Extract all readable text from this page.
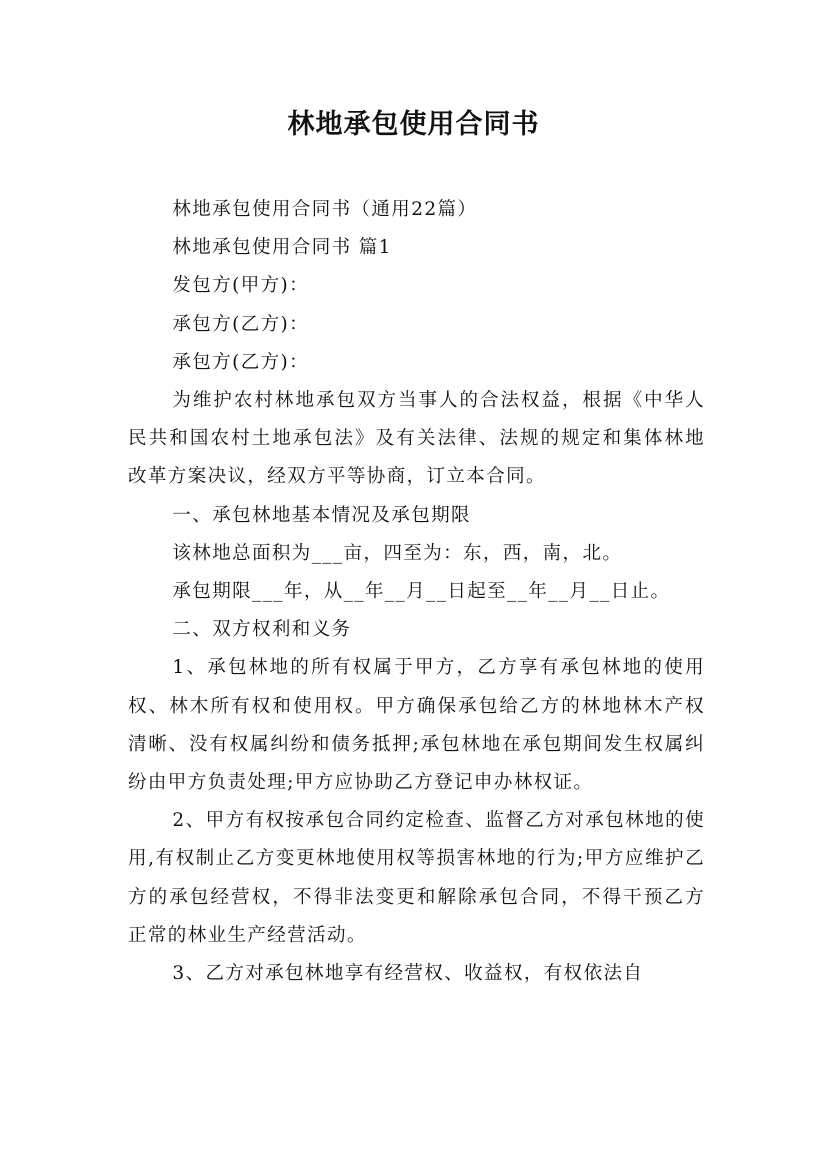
林地承包使用合同书

林地承包使用合同书（通用22篇）

林地承包使用合同书 篇1

发包方(甲方)：

承包方(乙方)：

承包方(乙方)：

为维护农村林地承包双方当事人的合法权益，根据《中华人民共和国农村土地承包法》及有关法律、法规的规定和集体林地改革方案决议，经双方平等协商，订立本合同。

一、承包林地基本情况及承包期限

该林地总面积为___亩，四至为：东，西，南，北。

承包期限___年，从__年__月__日起至__年__月__日止。

二、双方权利和义务

1、承包林地的所有权属于甲方，乙方享有承包林地的使用权、林木所有权和使用权。甲方确保承包给乙方的林地林木产权清晰、没有权属纠纷和债务抵押;承包林地在承包期间发生权属纠纷由甲方负责处理;甲方应协助乙方登记申办林权证。

2、甲方有权按承包合同约定检查、监督乙方对承包林地的使用,有权制止乙方变更林地使用权等损害林地的行为;甲方应维护乙方的承包经营权，不得非法变更和解除承包合同，不得干预乙方正常的林业生产经营活动。

3、乙方对承包林地享有经营权、收益权，有权依法自
